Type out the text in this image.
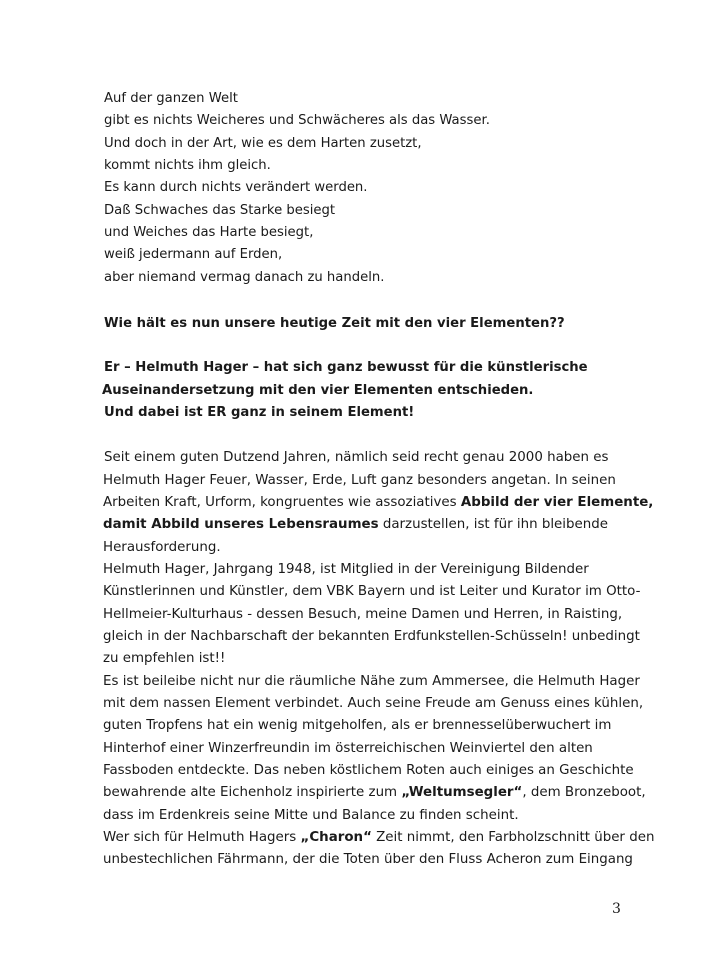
Auf der ganzen Welt
gibt es nichts Weicheres und Schwächeres als das Wasser.
Und doch in der Art, wie es dem Harten zusetzt,
kommt nichts ihm gleich.
Es kann durch nichts verändert werden.
Daß Schwaches das Starke besiegt
und Weiches das Harte besiegt,
weiß jedermann auf Erden,
aber niemand vermag danach zu handeln.
Wie hält es nun unsere heutige Zeit mit den vier Elementen??
Er – Helmuth Hager – hat sich ganz bewusst für die künstlerische
Auseinandersetzung mit den vier Elementen entschieden.
Und dabei ist ER ganz in seinem Element!
Seit einem guten Dutzend Jahren, nämlich seid recht genau 2000 haben es
Helmuth Hager Feuer, Wasser, Erde, Luft ganz besonders angetan. In seinen
Arbeiten Kraft, Urform, kongruentes wie assoziatives Abbild der vier Elemente,
damit Abbild unseres Lebensraumes darzustellen, ist für ihn bleibende
Herausforderung.
Helmuth Hager, Jahrgang 1948, ist Mitglied in der Vereinigung Bildender
Künstlerinnen und Künstler, dem VBK Bayern und ist Leiter und Kurator im Otto-
Hellmeier-Kulturhaus - dessen Besuch, meine Damen und Herren, in Raisting,
gleich in der Nachbarschaft der bekannten Erdfunkstellen-Schüsseln! unbedingt
zu empfehlen ist!!
Es ist beileibe nicht nur die räumliche Nähe zum Ammersee, die Helmuth Hager
mit dem nassen Element verbindet. Auch seine Freude am Genuss eines kühlen,
guten Tropfens hat ein wenig mitgeholfen, als er brennesselüberwuchert im
Hinterhof einer Winzerfreundin im österreichischen Weinviertel den alten
Fassboden entdeckte. Das neben köstlichem Roten auch einiges an Geschichte
bewahrende alte Eichenholz inspirierte zum „Weltumsegler“, dem Bronzeboot,
dass im Erdenkreis seine Mitte und Balance zu finden scheint.
Wer sich für Helmuth Hagers „Charon“ Zeit nimmt, den Farbholzschnitt über den
unbestechlichen Fährmann, der die Toten über den Fluss Acheron zum Eingang
3
